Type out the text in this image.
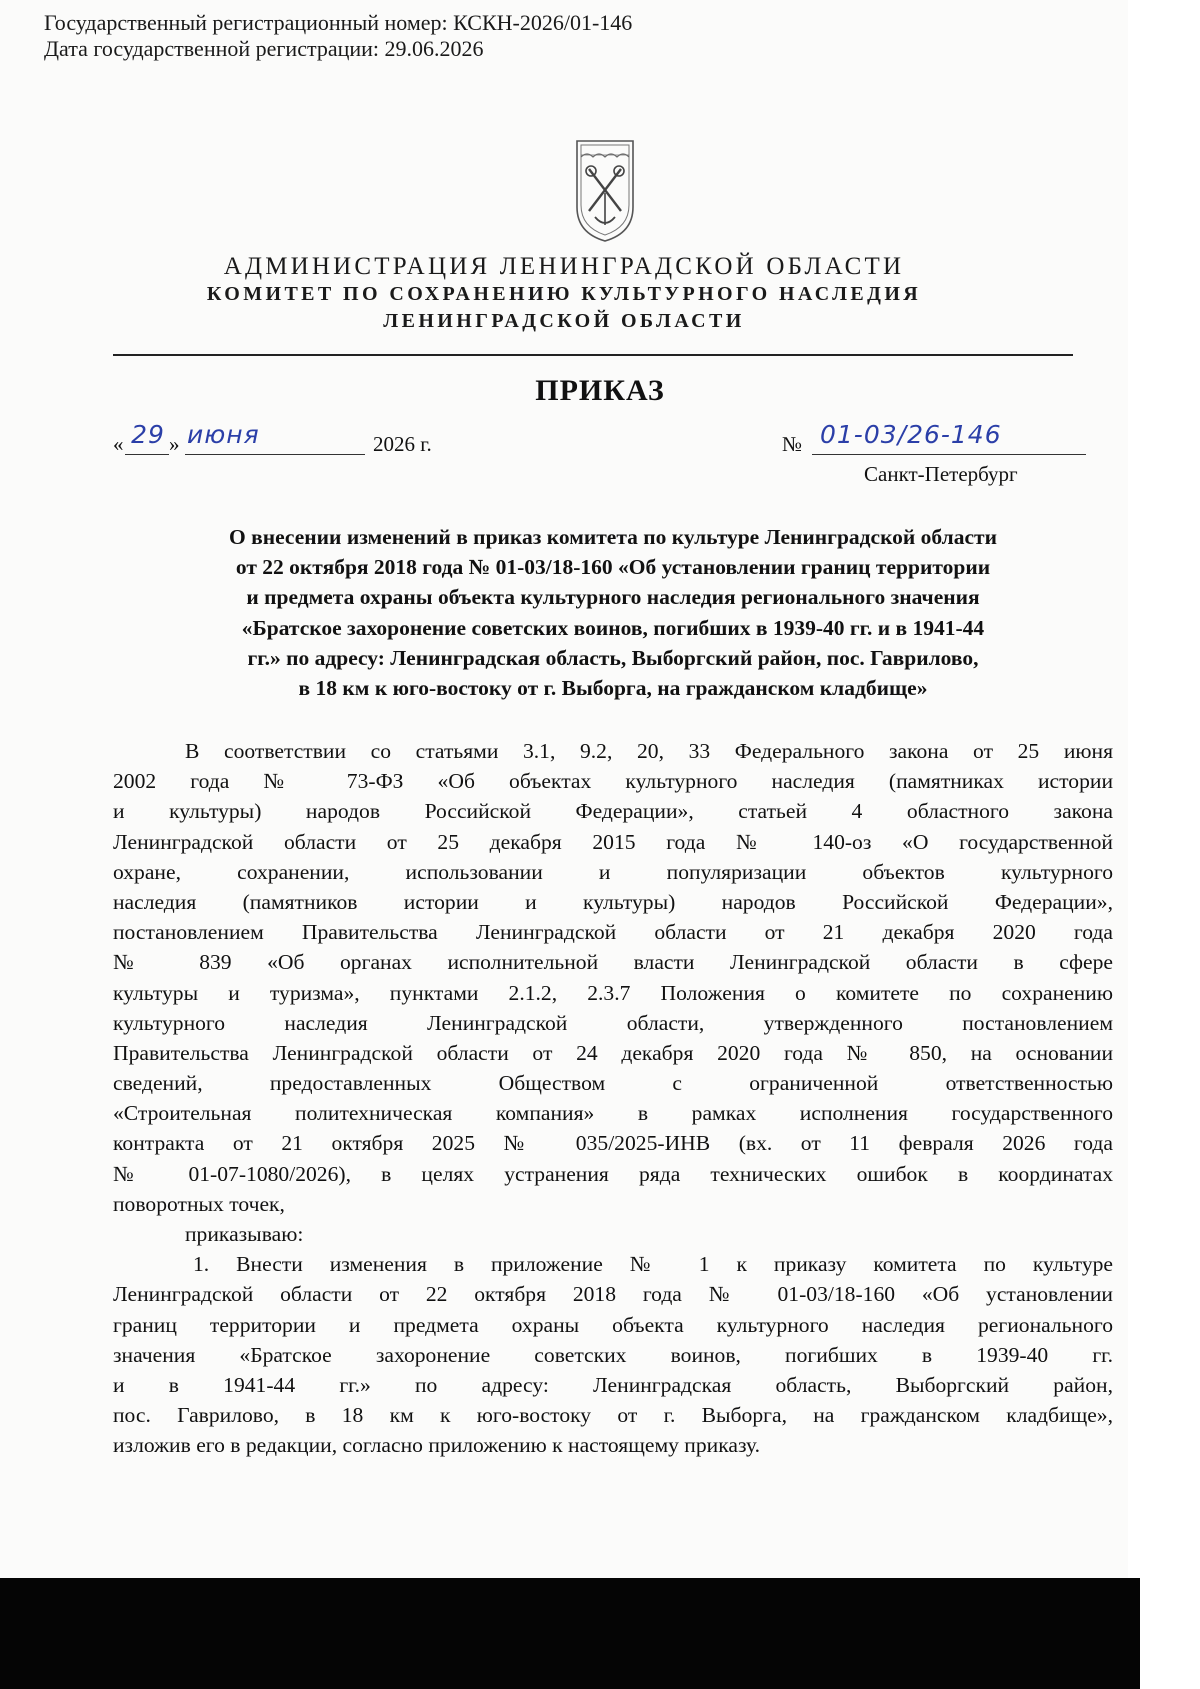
Государственный регистрационный номер: КСКН-2026/01-146
Дата государственной регистрации: 29.06.2026
АДМИНИСТРАЦИЯ ЛЕНИНГРАДСКОЙ ОБЛАСТИ
КОМИТЕТ ПО СОХРАНЕНИЮ КУЛЬТУРНОГО НАСЛЕДИЯ
ЛЕНИНГРАДСКОЙ ОБЛАСТИ
ПРИКАЗ
« 29 » июня	2026 г.	№ 01-03/26-146
Санкт-Петербург
О внесении изменений в приказ комитета по культуре Ленинградской области
от 22 октября 2018 года № 01-03/18-160 «Об установлении границ территории
и предмета охраны объекта культурного наследия регионального значения
«Братское захоронение советских воинов, погибших в 1939-40 гг. и в 1941-44
гг.» по адресу: Ленинградская область, Выборгский район, пос. Гаврилово,
в 18 км к юго-востоку от г. Выборга, на гражданском кладбище»
В соответствии со статьями 3.1, 9.2, 20, 33 Федерального закона от 25 июня
2002 года № 73-ФЗ «Об объектах культурного наследия (памятниках истории
и культуры) народов Российской Федерации», статьей 4 областного закона
Ленинградской области от 25 декабря 2015 года № 140-оз «О государственной
охране, сохранении, использовании и популяризации объектов культурного
наследия (памятников истории и культуры) народов Российской Федерации»,
постановлением Правительства Ленинградской области от 21 декабря 2020 года
№ 839 «Об органах исполнительной власти Ленинградской области в сфере
культуры и туризма», пунктами 2.1.2, 2.3.7 Положения о комитете по сохранению
культурного наследия Ленинградской области, утвержденного постановлением
Правительства Ленинградской области от 24 декабря 2020 года № 850, на основании
сведений, предоставленных Обществом с ограниченной ответственностью
«Строительная политехническая компания» в рамках исполнения государственного
контракта от 21 октября 2025 № 035/2025-ИНВ (вх. от 11 февраля 2026 года
№ 01-07-1080/2026), в целях устранения ряда технических ошибок в координатах
поворотных точек,
приказываю:
1. Внести изменения в приложение № 1 к приказу комитета по культуре
Ленинградской области от 22 октября 2018 года № 01-03/18-160 «Об установлении
границ территории и предмета охраны объекта культурного наследия регионального
значения «Братское захоронение советских воинов, погибших в 1939-40 гг.
и в 1941-44 гг.» по адресу: Ленинградская область, Выборгский район,
пос. Гаврилово, в 18 км к юго-востоку от г. Выборга, на гражданском кладбище»,
изложив его в редакции, согласно приложению к настоящему приказу.
